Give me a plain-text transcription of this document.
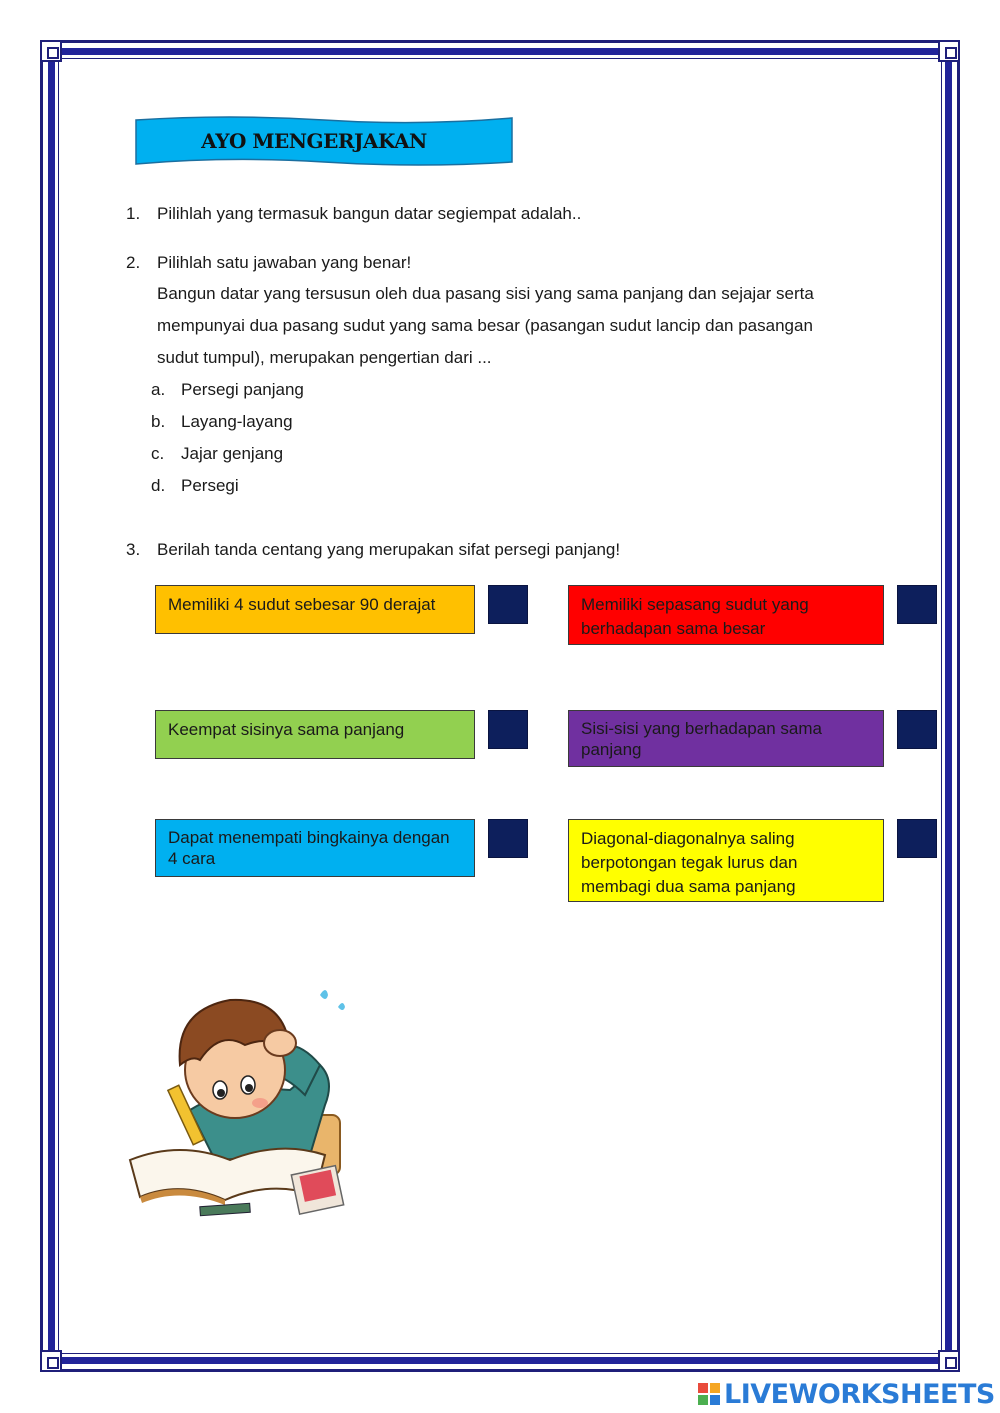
AYO MENGERJAKAN
1. Pilihlah yang termasuk bangun datar segiempat adalah..
2. Pilihlah satu jawaban yang benar!
Bangun datar yang tersusun oleh dua pasang sisi yang sama panjang dan sejajar serta
mempunyai dua pasang sudut yang sama besar (pasangan sudut lancip dan pasangan
sudut tumpul), merupakan pengertian dari ...
a. Persegi panjang
b. Layang-layang
c. Jajar genjang
d. Persegi
3. Berilah tanda centang yang merupakan sifat persegi panjang!
Memiliki 4 sudut sebesar 90 derajat	Memiliki sepasang sudut yang berhadapan sama besar
Keempat sisinya sama panjang	Sisi-sisi yang berhadapan sama panjang
Dapat menempati bingkainya dengan 4 cara
Diagonal-diagonalnya saling berpotongan tegak lurus dan membagi dua sama panjang
LIVEWORKSHEETS
